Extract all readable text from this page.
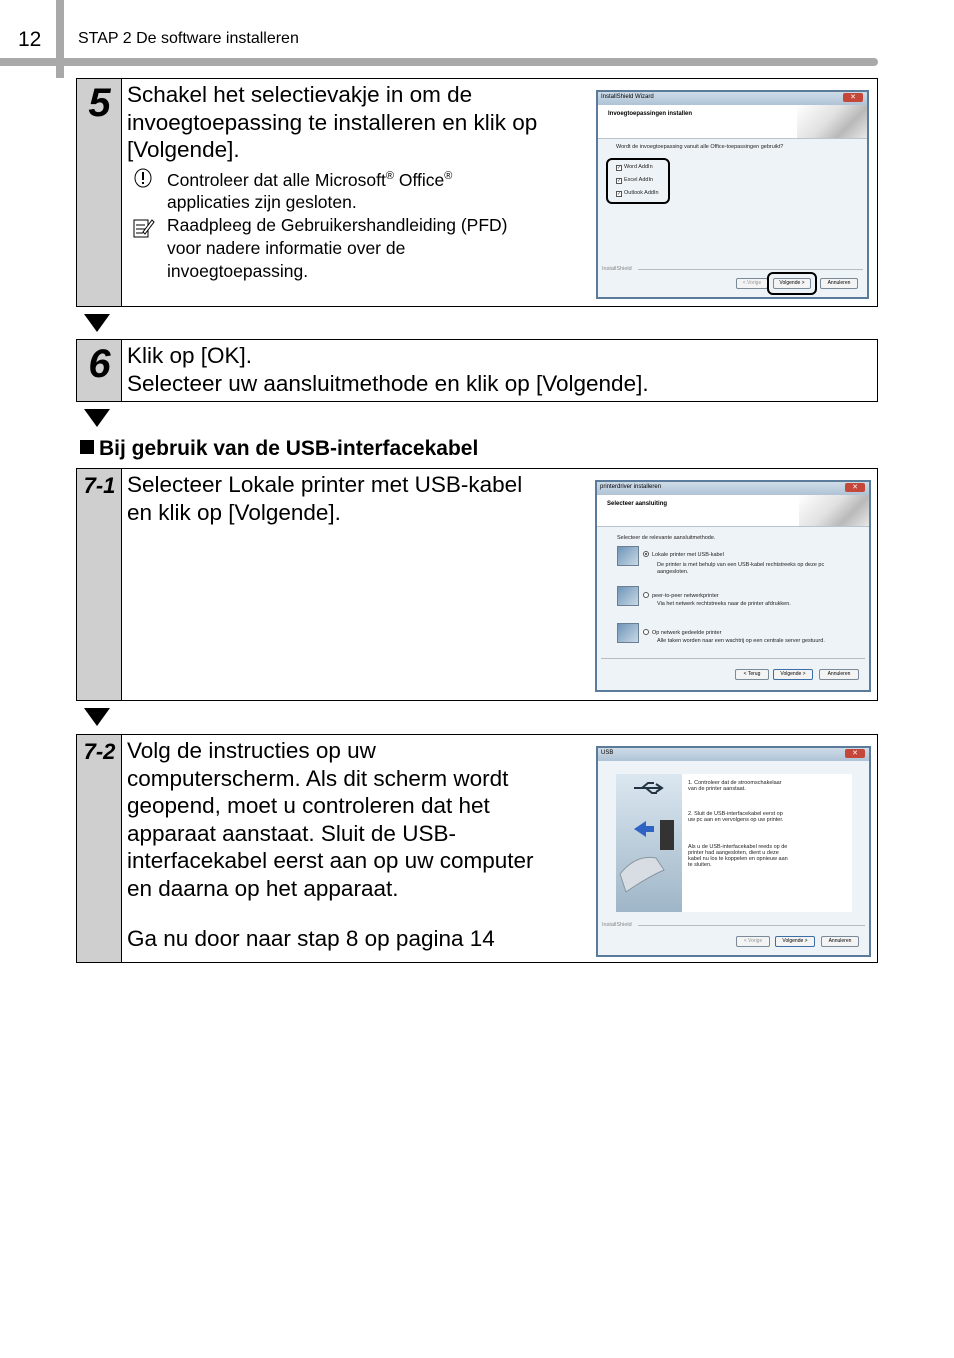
12 STAP 2 De software installeren
5 Schakel het selectievakje in om de
invoegtoepassing te installeren en klik op
[Volgende].
Controleer dat alle Microsoft® Office®
applicaties zijn gesloten.
Raadpleeg de Gebruikershandleiding (PFD)
voor nadere informatie over de
invoegtoepassing.
InstallShield Wizard	✕
Invoegtoepassingen installen
Wordt de invoegtoepassing vanuit alle Office-toepassingen gebruikt?
✓ Word AddIn
✓ Excel AddIn
✓ Outlook AddIn
InstallShield
< Vorige	Volgende >	Annuleren
6 Klik op [OK].
Selecteer uw aansluitmethode en klik op [Volgende].
Bij gebruik van de USB-interfacekabel
7-1 Selecteer Lokale printer met USB-kabel
en klik op [Volgende].
printerdriver installeren	✕
Selecteer aansluiting
Selecteer de relevante aansluitmethode.
Lokale printer met USB-kabel
De printer is met behulp van een USB-kabel rechtstreeks op deze pc
aangesloten.
peer-to-peer netwerkprinter
Via het netwerk rechtstreeks naar de printer afdrukken.
Op netwerk gedeelde printer
Alle taken worden naar een wachtrij op een centrale server gestuurd.
< Terug	Volgende >	Annuleren
7-2 Volg de instructies op uw
computerscherm. Als dit scherm wordt
geopend, moet u controleren dat het
apparaat aanstaat. Sluit de USB-
interfacekabel eerst aan op uw computer
en daarna op het apparaat.
Ga nu door naar stap 8 op pagina 14
USB	✕
1. Controleer dat de stroomschakelaar
van de printer aanstaat.
2. Sluit de USB-interfacekabel eerst op
uw pc aan en vervolgens op uw printer.
Als u de USB-interfacekabel reeds op de
printer had aangesloten, dient u deze
kabel nu los te koppelen en opnieuw aan
te sluiten.
InstallShield
< Vorige	Volgende >	Annuleren
